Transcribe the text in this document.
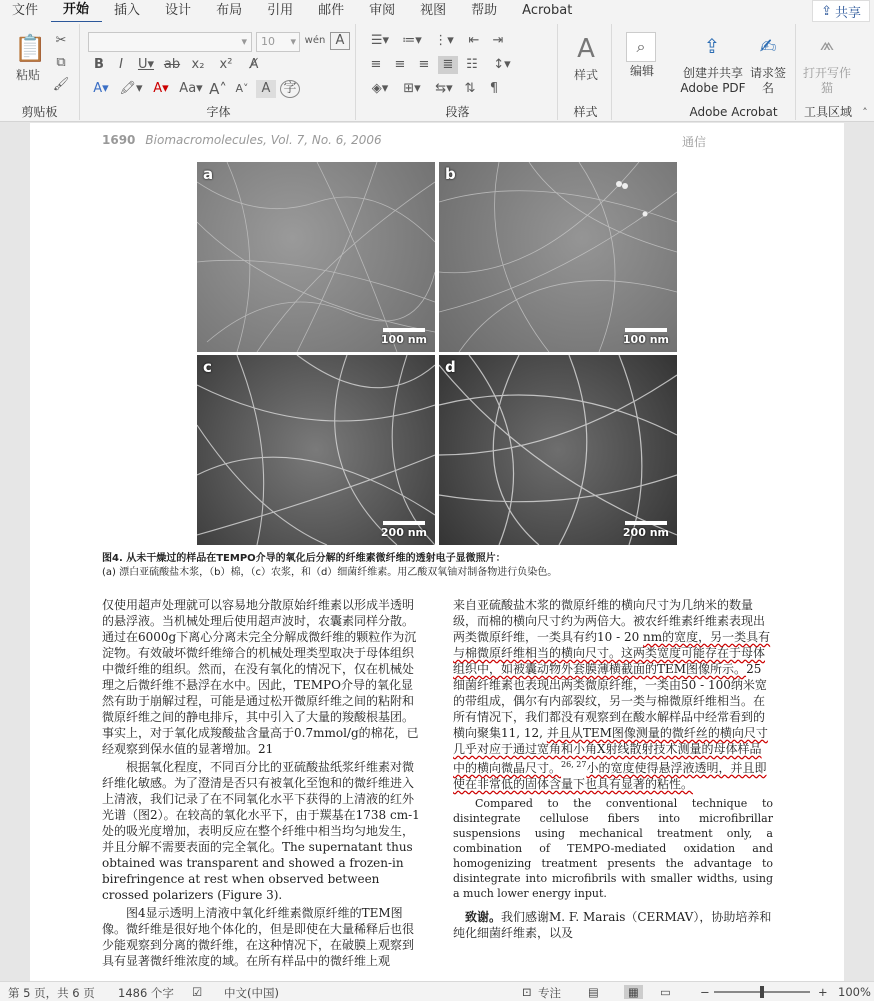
文件	开始	插入	设计	布局	引用	邮件	审阅	视图	帮助	Acrobat	⇪ 共享
📋
粘贴
✂
⧉
🖌
剪贴板
▾ 10 ▾ wén A
B	I	U▾ ab x₂	x²	A̸
A▾ 🖍▾ A▾ Aa▾ A˄ A˅	A	字
字体
☰▾	≔▾ ⋮▾	⇤	⇥
≡	≡	≡	≣ ☷	↕▾
◈▾	⊞▾	⇆▾ ⇅	¶
段落
A
样式
样式
⌕
编辑
⇪
创建并共享 Adobe PDF
✍
请求签名
Adobe Acrobat
⩕
打开写作猫
工具区域 ˄
1690 Biomacromolecules, Vol. 7, No. 6, 2006	通信
a
100 nm
b
100 nm
c
200 nm
d
200 nm
图4. 从未干燥过的样品在TEMPO介导的氧化后分解的纤维素微纤维的透射电子显微照片：
(a) 漂白亚硫酸盐木浆，（b）棉，（c）农浆，和（d）细菌纤维素。用乙酸双氧铀对制备物进行负染色。

仅使用超声处理就可以容易地分散原始纤维素以形成半透明的悬浮液。当机械处理后使用超声波时，农囊素同样分散。通过在6000g下离心分离未完全分解成微纤维的颗粒作为沉淀物。有效破坏微纤维缔合的机械处理类型取决于母体组织中微纤维的组织。然而，在没有氧化的情况下，仅在机械处理之后微纤维不悬浮在水中。因此，TEMPO介导的氧化显然有助于崩解过程，可能是通过松开微原纤维之间的粘附和微原纤维之间的静电排斥，其中引入了大量的羧酸根基团。事实上，对于氧化成羧酸盐含量高于0.7mmol/g的棉花，已经观察到保水值的显著增加。21

根据氧化程度，不同百分比的亚硫酸盐纸浆纤维素对微纤维化敏感。为了澄清是否只有被氧化至饱和的微纤维进入上清液，我们记录了在不同氧化水平下获得的上清液的红外光谱（图2）。在较高的氧化水平下，由于羰基在1738 cm-1处的吸光度增加，表明反应在整个纤维中相当均匀地发生，并且分解不需要表面的完全氧化。The supernatant thus obtained was transparent and showed a frozen-in birefringence at rest when observed between crossed polarizers (Figure 3).

图4显示透明上清液中氧化纤维素微原纤维的TEM图像。微纤维是很好地个体化的，但是即使在大量稀释后也很少能观察到分离的微纤维，在这种情况下，在破膜上观察到具有显著微纤维浓度的域。在所有样品中的微纤维上观

来自亚硫酸盐木浆的微原纤维的横向尺寸为几纳米的数量级，而棉的横向尺寸约为两倍大。被农纤维素纤维素表现出两类微原纤维，一类具有约10 - 20 nm的宽度，另一类具有与棉微原纤维相当的横向尺寸。这两类宽度可能存在于母体组织中，如被囊动物外套膜薄横截面的TEM图像所示。25细菌纤维素也表现出两类微原纤维，一类由50 - 100纳米宽的带组成，偶尔有内部裂纹，另一类与棉微原纤维相当。在所有情况下，我们都没有观察到在酸水解样品中经常看到的横向聚集11, 12, 并且从TEM图像测量的微纤丝的横向尺寸几乎对应于通过宽角和小角X射线散射技术测量的母体样品中的横向微晶尺寸。$^{26, 27}$小的宽度使得悬浮液透明，并且即使在非常低的固体含量下也具有显著的粘性。

Compared to the conventional technique to disintegrate cellulose fibers into microfibrillar suspensions using mechanical treatment only, a combination of TEMPO-mediated oxidation and homogenizing treatment presents the advantage to disintegrate into microfibrils with smaller widths, using a much lower energy input.

致谢。我们感谢M. F. Marais（CERMAV），协助培养和纯化细菌纤维素，以及

第 5 页，共 6 页 1486 个字 ☑ 中文(中国)	⊡ 专注 ▤	▦	▭	−	+ 100%
